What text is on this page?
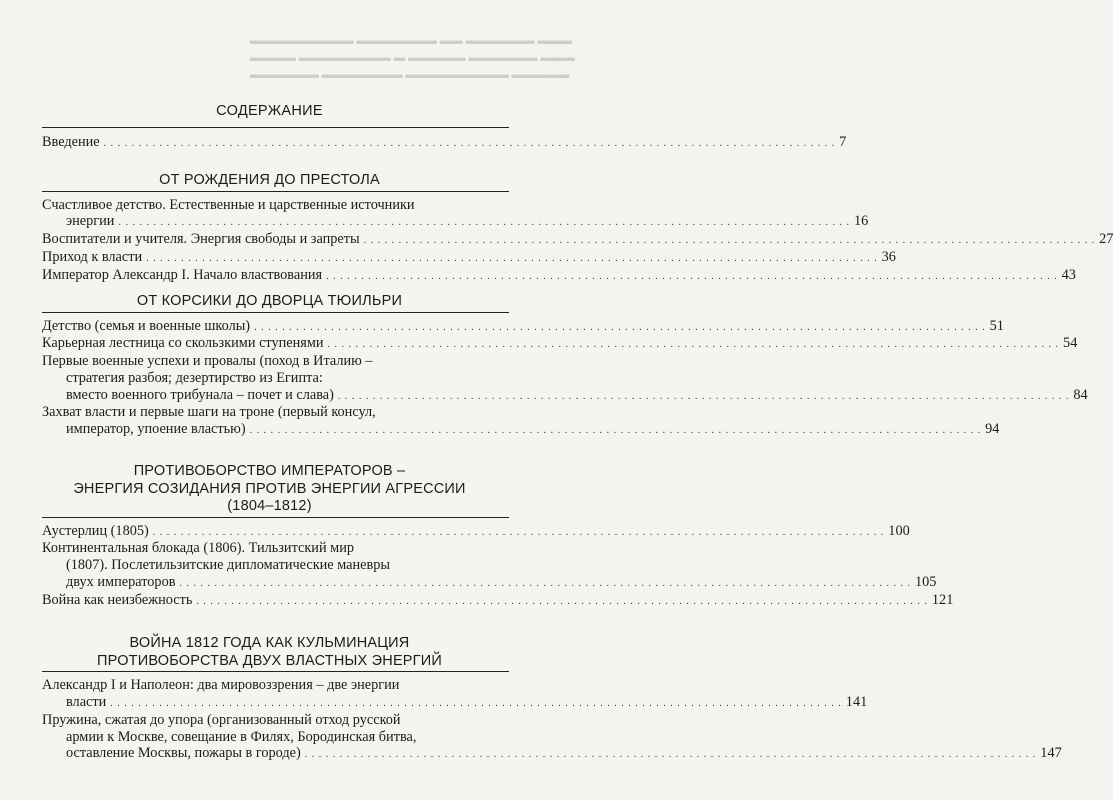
▬▬▬ ▬▬▬▬▬▬ ▬▬ ▬▬▬▬▬▬▬ ▬▬▬▬▬▬▬▬▬
▬▬▬ ▬▬▬▬▬▬ ▬▬▬▬▬ ▬ ▬▬▬▬▬▬▬▬ ▬▬▬▬
▬▬▬▬▬ ▬▬▬▬▬▬▬▬▬ ▬▬▬▬▬▬▬ ▬▬▬▬▬▬
СОДЕРЖАНИЕ
Введение . . .	7
ОТ РОЖДЕНИЯ ДО ПРЕСТОЛА
Счастливое детство. Естественные и царственные источники
энергии . . .	16
Воспитатели и учителя. Энергия свободы и запреты . . .	27
Приход к власти . . .	36
Император Александр I. Начало властвования . . .	43
ОТ КОРСИКИ ДО ДВОРЦА ТЮИЛЬРИ
Детство (семья и военные школы) . . .	51
Карьерная лестница со скользкими ступенями . . .	54
Первые военные успехи и провалы (поход в Италию –
стратегия разбоя; дезертирство из Египта:
вместо военного трибунала – почет и слава) . . .	84
Захват власти и первые шаги на троне (первый консул,
император, упоение властью) . . .	94
ПРОТИВОБОРСТВО ИМПЕРАТОРОВ –
ЭНЕРГИЯ СОЗИДАНИЯ ПРОТИВ ЭНЕРГИИ АГРЕССИИ
(1804–1812)
Аустерлиц (1805) . . .	100
Континентальная блокада (1806). Тильзитский мир
(1807). Послетильзитские дипломатические маневры
двух императоров . . .	105
Война как неизбежность . . .	121
ВОЙНА 1812 ГОДА КАК КУЛЬМИНАЦИЯ
ПРОТИВОБОРСТВА ДВУХ ВЛАСТНЫХ ЭНЕРГИЙ
Александр I и Наполеон: два мировоззрения – две энергии
власти . . .	141
Пружина, сжатая до упора (организованный отход русской
армии к Москве, совещание в Филях, Бородинская битва,
оставление Москвы, пожары в городе) . . .	147
